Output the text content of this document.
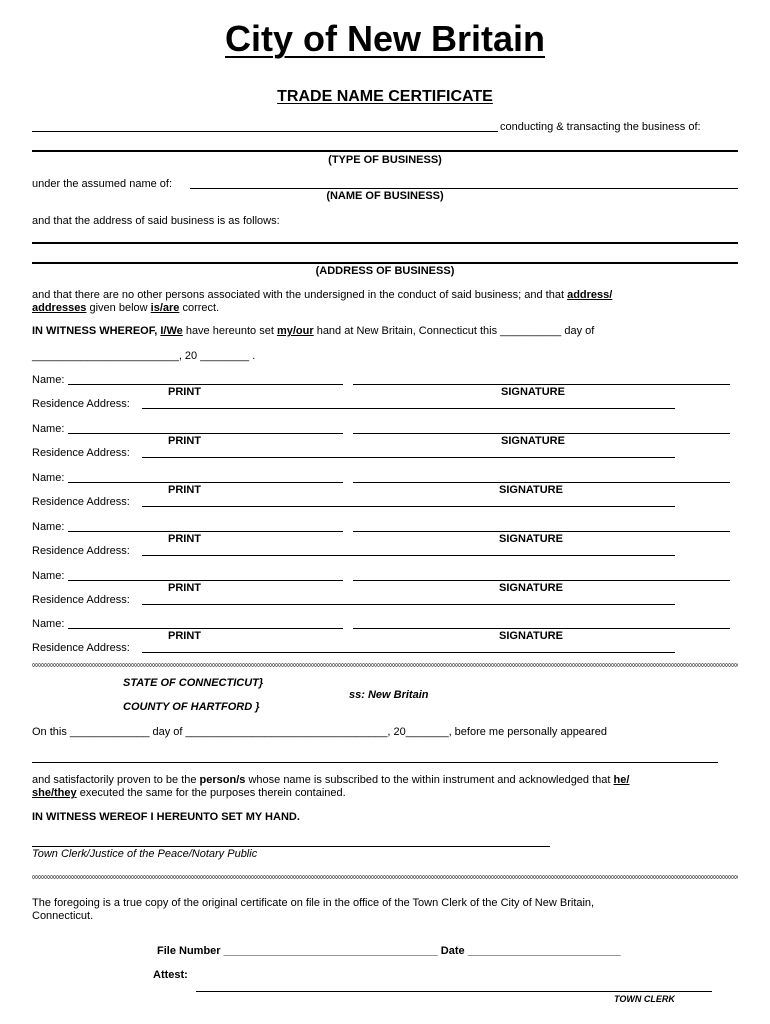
City of New Britain
TRADE NAME CERTIFICATE
conducting & transacting the business of:
(TYPE OF BUSINESS)
under the assumed name of:
(NAME OF BUSINESS)
and that the address of said business is as follows:
(ADDRESS OF BUSINESS)
and that there are no other persons associated with the undersigned in the conduct of said business; and that address/
addresses given below is/are correct.
IN WITNESS WHEREOF, I/We have hereunto set my/our hand at New Britain, Connecticut this __________ day of
________________________, 20 ________ .
Name:
PRINT	SIGNATURE
Residence Address:
Name:
PRINT	SIGNATURE
Residence Address:
Name:
PRINT	SIGNATURE
Residence Address:
Name:
PRINT	SIGNATURE
Residence Address:
Name:
PRINT	SIGNATURE
Residence Address:
Name:
PRINT	SIGNATURE
Residence Address:
STATE OF CONNECTICUT}
ss: New Britain
COUNTY OF HARTFORD }
On this _____________ day of _________________________________, 20_______, before me personally appeared
and satisfactorily proven to be the person/s whose name is subscribed to the within instrument and acknowledged that he/
she/they executed the same for the purposes therein contained.
IN WITNESS WEREOF I HEREUNTO SET MY HAND.
Town Clerk/Justice of the Peace/Notary Public
The foregoing is a true copy of the original certificate on file in the office of the Town Clerk of the City of New Britain,
Connecticut.
File Number ___________________________________ Date _________________________
Attest:
TOWN CLERK
